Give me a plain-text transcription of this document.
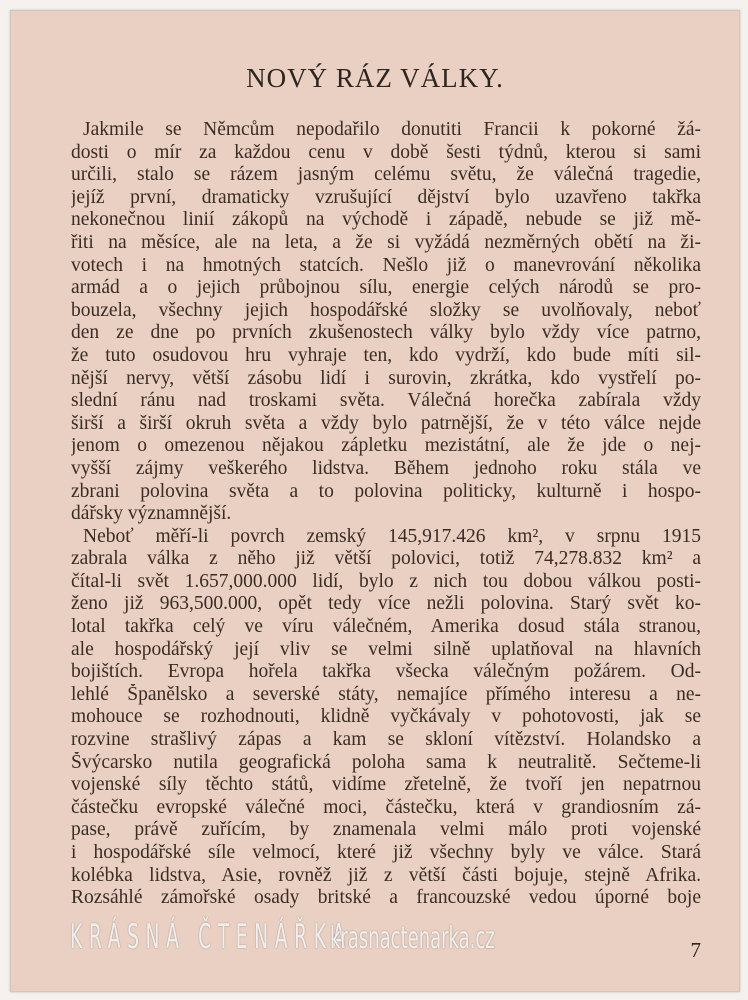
NOVÝ RÁZ VÁLKY.
Jakmile se Němcům nepodařilo donutiti Francii k pokorné žá-
dosti o mír za každou cenu v době šesti týdnů, kterou si sami
určili, stalo se rázem jasným celému světu, že válečná tragedie,
jejíž první, dramaticky vzrušující dějství bylo uzavřeno takřka
nekonečnou linií zákopů na východě i západě, nebude se již mě-
řiti na měsíce, ale na leta, a že si vyžádá nezměrných obětí na ži-
votech i na hmotných statcích. Nešlo již o manevrování několika
armád a o jejich průbojnou sílu, energie celých národů se pro-
bouzela, všechny jejich hospodářské složky se uvolňovaly, neboť
den ze dne po prvních zkušenostech války bylo vždy více patrno,
že tuto osudovou hru vyhraje ten, kdo vydrží, kdo bude míti sil-
nější nervy, větší zásobu lidí i surovin, zkrátka, kdo vystřelí po-
slední ránu nad troskami světa. Válečná horečka zabírala vždy
širší a širší okruh světa a vždy bylo patrnější, že v této válce nejde
jenom o omezenou nějakou zápletku mezistátní, ale že jde o nej-
vyšší zájmy veškerého lidstva. Během jednoho roku stála ve
zbrani polovina světa a to polovina politicky, kulturně i hospo-
dářsky významnější.
Neboť měří-li povrch zemský 145,917.426 km², v srpnu 1915
zabrala válka z něho již větší polovici, totiž 74,278.832 km² a
čítal-li svět 1.657,000.000 lidí, bylo z nich tou dobou válkou posti-
ženo již 963,500.000, opět tedy více nežli polovina. Starý svět ko-
lotal takřka celý ve víru válečném, Amerika dosud stála stranou,
ale hospodářský její vliv se velmi silně uplatňoval na hlavních
bojištích. Evropa hořela takřka všecka válečným požárem. Od-
lehlé Španělsko a severské státy, nemajíce přímého interesu a ne-
mohouce se rozhodnouti, klidně vyčkávaly v pohotovosti, jak se
rozvine strašlivý zápas a kam se skloní vítězství. Holandsko a
Švýcarsko nutila geografická poloha sama k neutralitě. Sečteme-li
vojenské síly těchto států, vidíme zřetelně, že tvoří jen nepatrnou
částečku evropské válečné moci, částečku, která v grandiosním zá-
pase, právě zuřícím, by znamenala velmi málo proti vojenské
i hospodářské síle velmocí, které již všechny byly ve válce. Stará
kolébka lidstva, Asie, rovněž již z větší části bojuje, stejně Afrika.
Rozsáhlé zámořské osady britské a francouzské vedou úporné boje
7
KRÁSNÁ ČTENÁŘKA
krasnactenarka.cz
